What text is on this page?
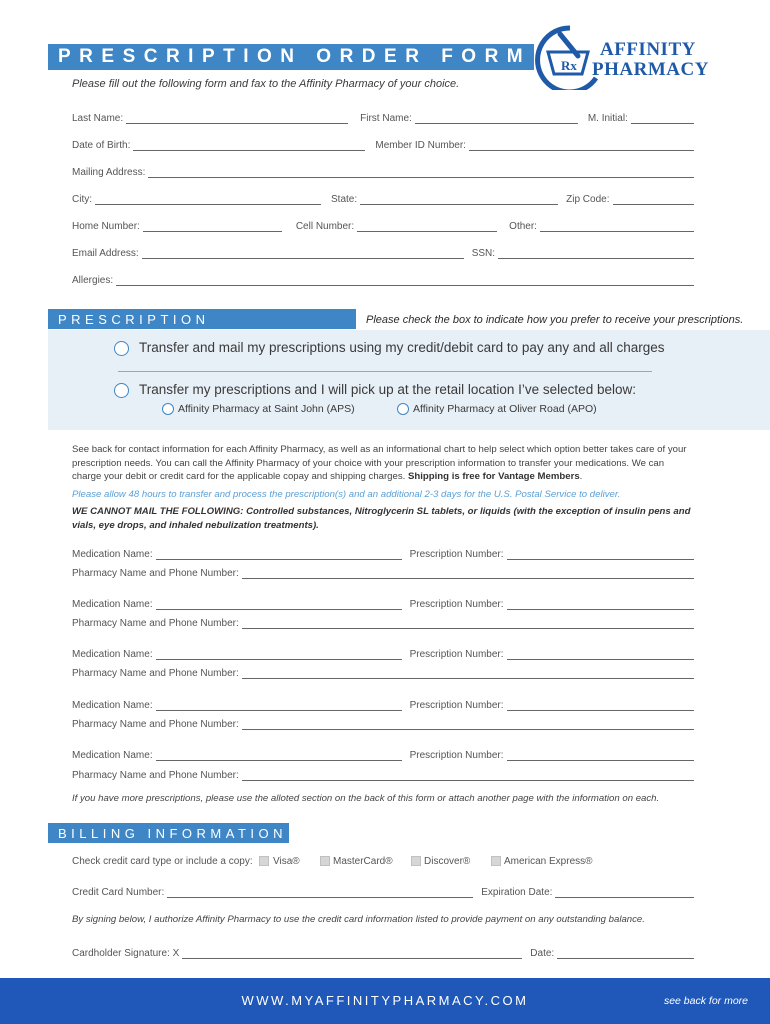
PRESCRIPTION ORDER FORM Rx
AFFINITY
PHARMACY
Please fill out the following form and fax to the Affinity Pharmacy of your choice.
Last Name:	First Name:	M. Initial:
Date of Birth:	Member ID Number:
Mailing Address:
City:	State:	Zip Code:
Home Number:	Cell Number:	Other:
Email Address:	SSN:
Allergies:
PRESCRIPTION	Please check the box to indicate how you prefer to receive your prescriptions.
Transfer and mail my prescriptions using my credit/debit card to pay any and all charges
Transfer my prescriptions and I will pick up at the retail location I’ve selected below:
Affinity Pharmacy at Saint John (APS)	Affinity Pharmacy at Oliver Road (APO)
See back for contact information for each Affinity Pharmacy, as well as an informational chart to help select which option better takes care of your prescription needs. You can call the Affinity Pharmacy of your choice with your prescription information to transfer your medications. We can charge your debit or credit card for the applicable copay and shipping charges. Shipping is free for Vantage Members.
Please allow 48 hours to transfer and process the prescription(s) and an additional 2-3 days for the U.S. Postal Service to deliver.
WE CANNOT MAIL THE FOLLOWING: Controlled substances, Nitroglycerin SL tablets, or liquids (with the exception of insulin pens and vials, eye drops, and inhaled nebulization treatments).
Medication Name:	Prescription Number:
Pharmacy Name and Phone Number:
Medication Name:	Prescription Number:
Pharmacy Name and Phone Number:
Medication Name:	Prescription Number:
Pharmacy Name and Phone Number:
Medication Name:	Prescription Number:
Pharmacy Name and Phone Number:
Medication Name:	Prescription Number:
Pharmacy Name and Phone Number:
If you have more prescriptions, please use the alloted section on the back of this form or attach another page with the information on each.
BILLING INFORMATION
Check credit card type or include a copy: Visa®	MasterCard®	Discover®	American Express®
Credit Card Number:	Expiration Date:
By signing below, I authorize Affinity Pharmacy to use the credit card information listed to provide payment on any outstanding balance.
Cardholder Signature: X	Date:
WWW.MYAFFINITYPHARMACY.COM	see back for more
